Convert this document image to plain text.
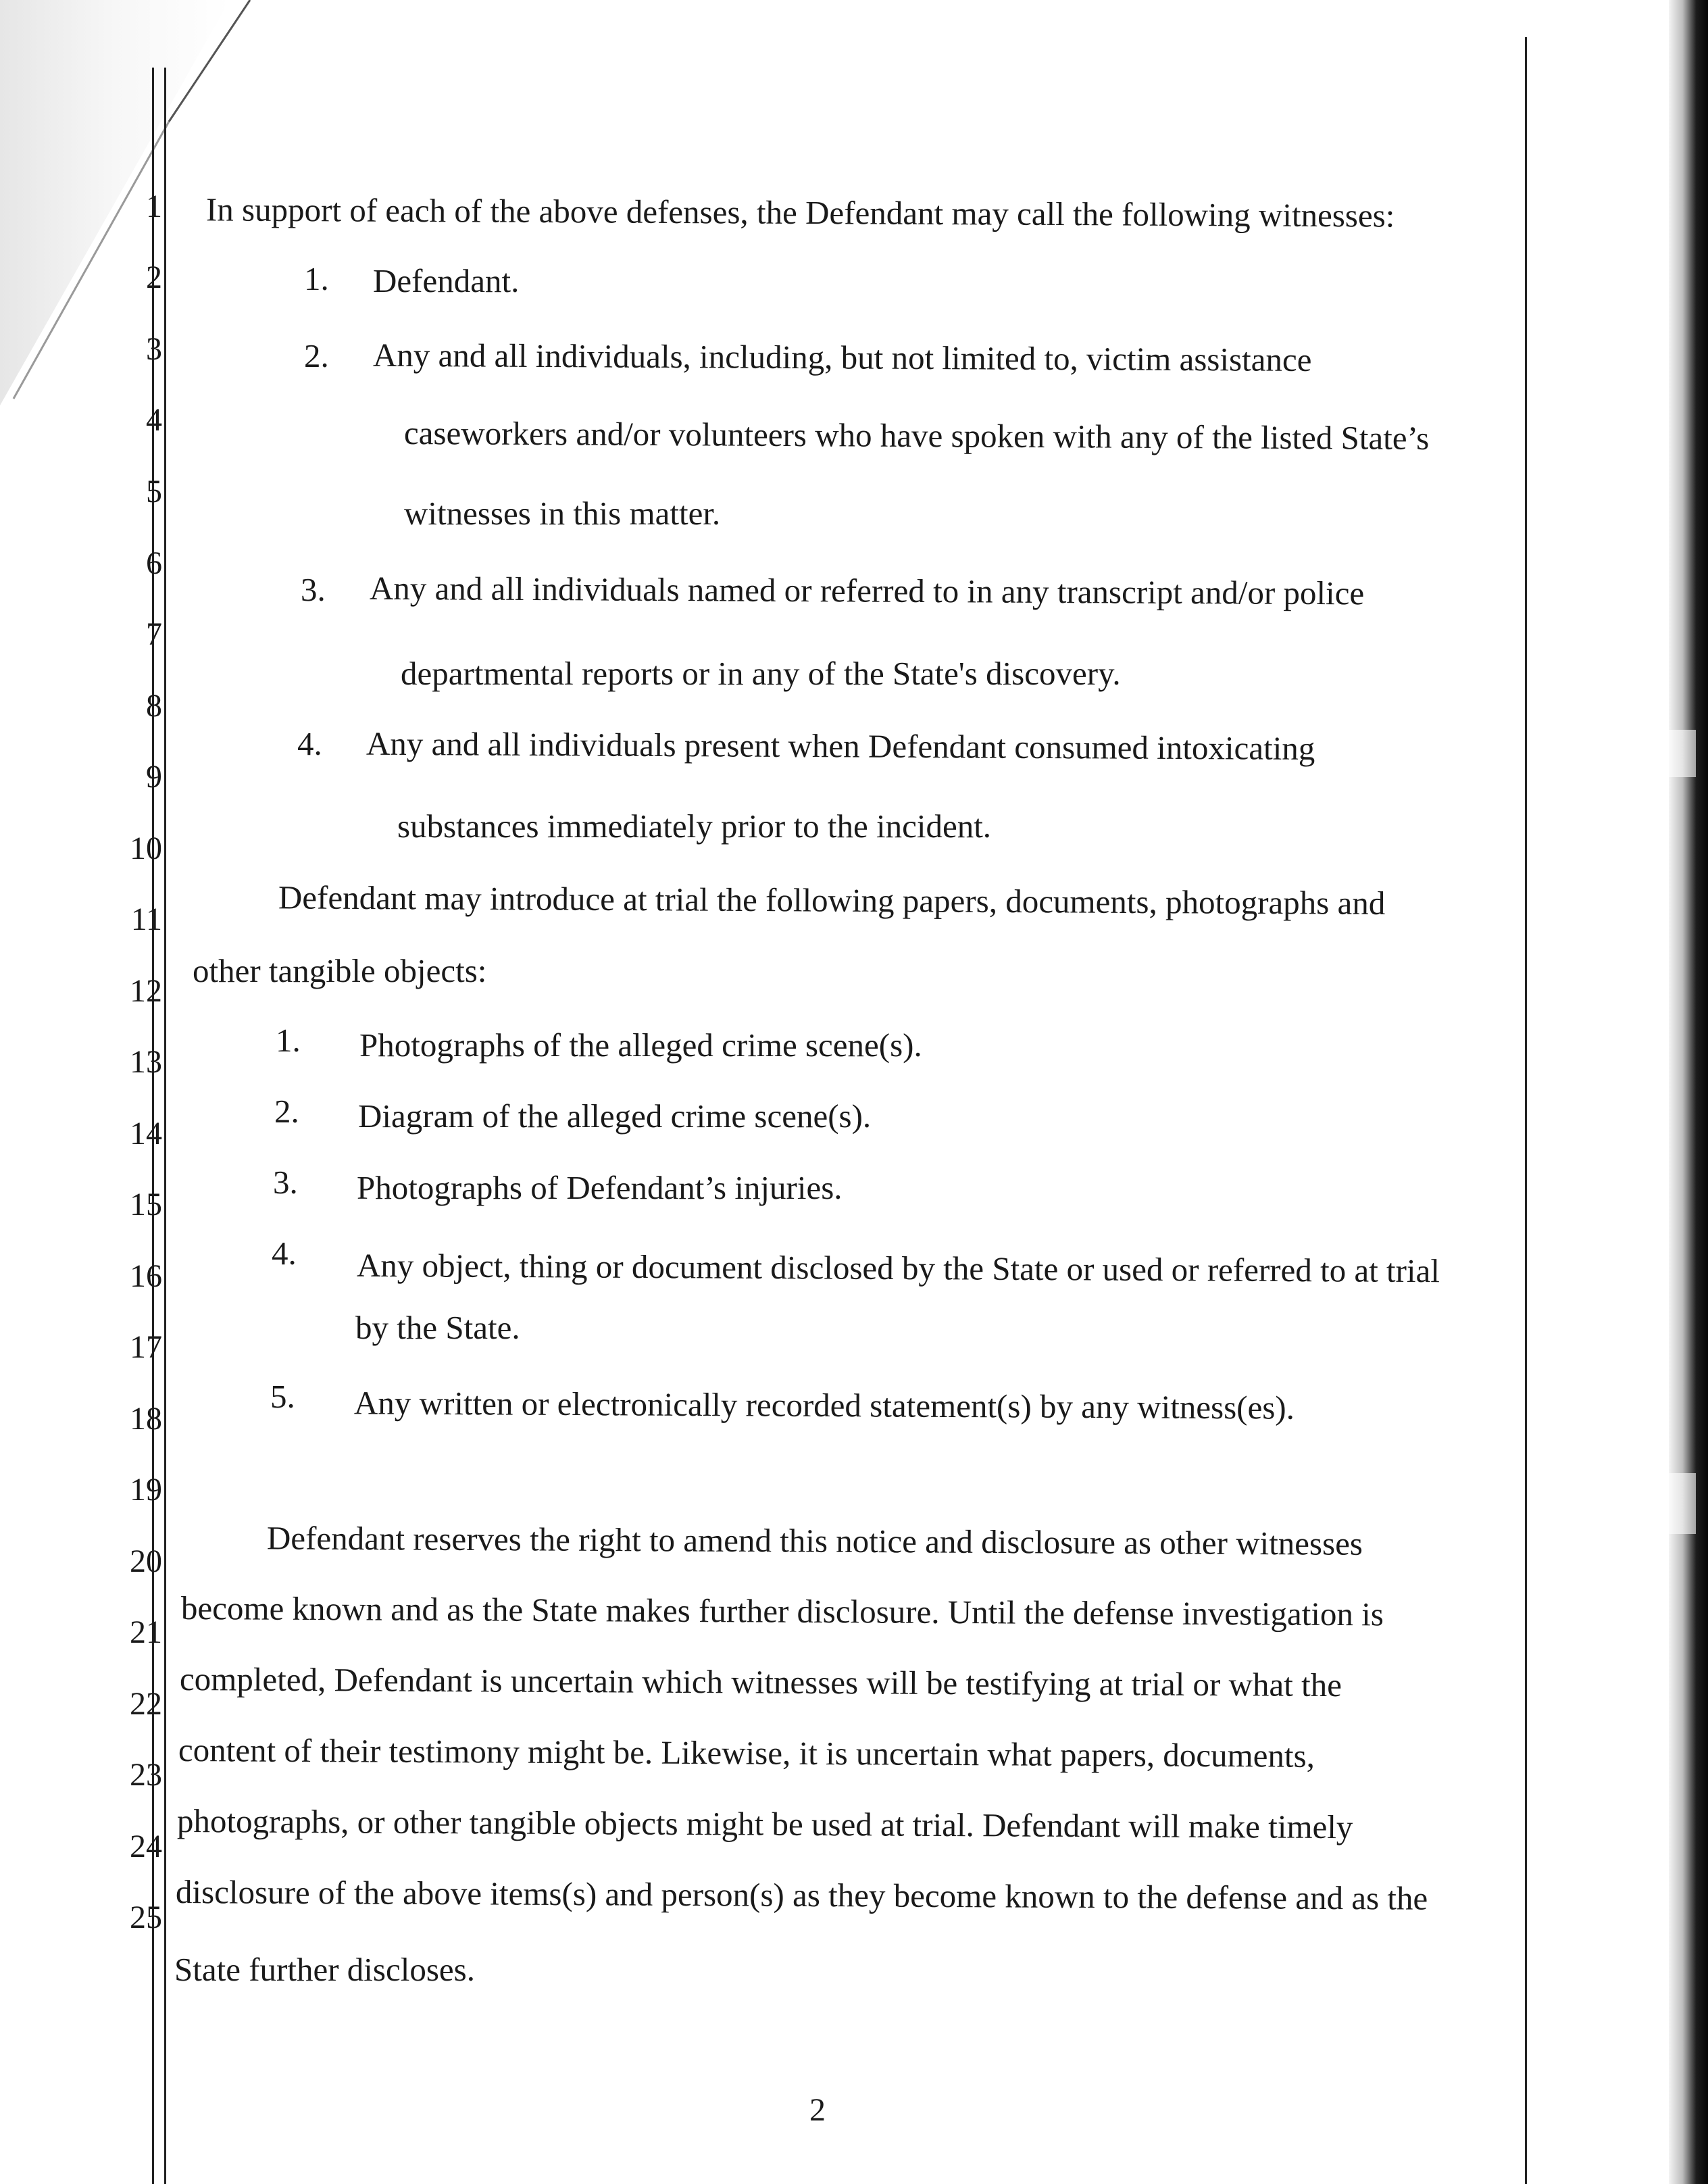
1
2
3
4
5
6
7
8
9
10
11
12
13
14
15
16
17
18
19
20
21
22
23
24
25
In support of each of the above defenses, the Defendant may call the following witnesses:
1. Defendant.
2. Any and all individuals, including, but not limited to, victim assistance
caseworkers and/or volunteers who have spoken with any of the listed State’s
witnesses in this matter.
3. Any and all individuals named or referred to in any transcript and/or police
departmental reports or in any of the State's discovery.
4. Any and all individuals present when Defendant consumed intoxicating
substances immediately prior to the incident.
Defendant may introduce at trial the following papers, documents, photographs and
other tangible objects:
1. Photographs of the alleged crime scene(s).
2. Diagram of the alleged crime scene(s).
3. Photographs of Defendant’s injuries.
4. Any object, thing or document disclosed by the State or used or referred to at trial
by the State.
5. Any written or electronically recorded statement(s) by any witness(es).
Defendant reserves the right to amend this notice and disclosure as other witnesses
become known and as the State makes further disclosure. Until the defense investigation is
completed, Defendant is uncertain which witnesses will be testifying at trial or what the
content of their testimony might be. Likewise, it is uncertain what papers, documents,
photographs, or other tangible objects might be used at trial. Defendant will make timely
disclosure of the above items(s) and person(s) as they become known to the defense and as the
State further discloses.
2
